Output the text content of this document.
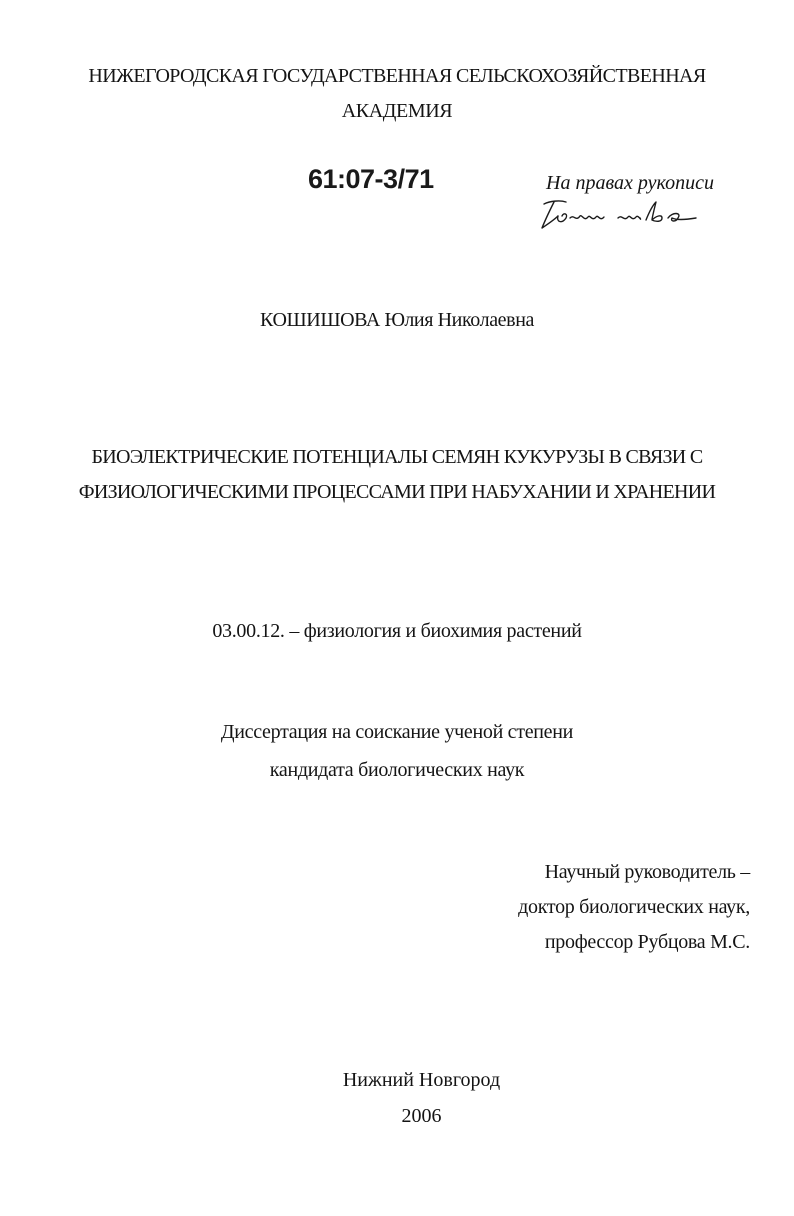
НИЖЕГОРОДСКАЯ ГОСУДАРСТВЕННАЯ СЕЛЬСКОХОЗЯЙСТВЕННАЯ
АКАДЕМИЯ
61:07-3/71	На правах рукописи
КОШИШОВА Юлия Николаевна
БИОЭЛЕКТРИЧЕСКИЕ ПОТЕНЦИАЛЫ СЕМЯН КУКУРУЗЫ В СВЯЗИ С
ФИЗИОЛОГИЧЕСКИМИ ПРОЦЕССАМИ ПРИ НАБУХАНИИ И ХРАНЕНИИ
03.00.12. – физиология и биохимия растений
Диссертация на соискание ученой степени
кандидата биологических наук
Научный руководитель –
доктор биологических наук,
профессор Рубцова М.С.
Нижний Новгород
2006
